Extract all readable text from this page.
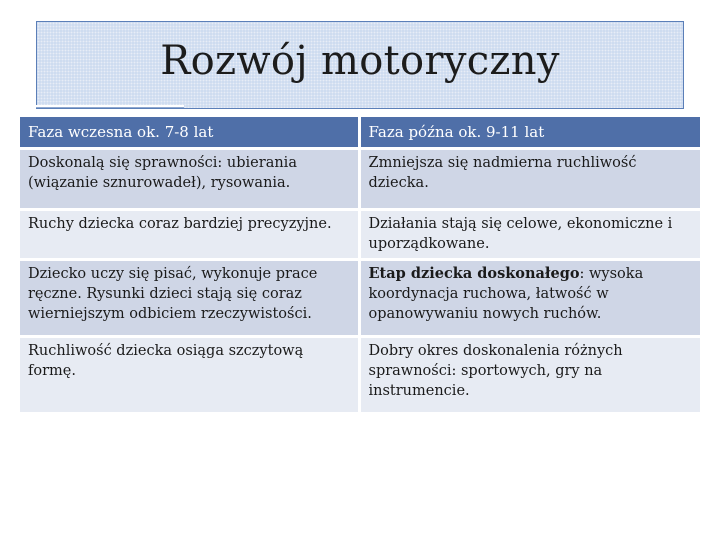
Rozwój motoryczny
Faza wczesna ok. 7-8 lat	Faza późna ok. 9-11 lat
Doskonalą się sprawności: ubierania (wiązanie sznurowadeł), rysowania.	Zmniejsza się nadmierna ruchliwość dziecka.
Ruchy dziecka coraz bardziej precyzyjne.	Działania stają się celowe, ekonomiczne i uporządkowane.
Dziecko uczy się pisać, wykonuje prace ręczne. Rysunki dzieci stają się coraz wierniejszym odbiciem rzeczywistości.	Etap dziecka doskonałego: wysoka koordynacja ruchowa, łatwość w opanowywaniu nowych ruchów.
Ruchliwość dziecka osiąga szczytową formę.	Dobry okres doskonalenia różnych sprawności: sportowych, gry na instrumencie.
